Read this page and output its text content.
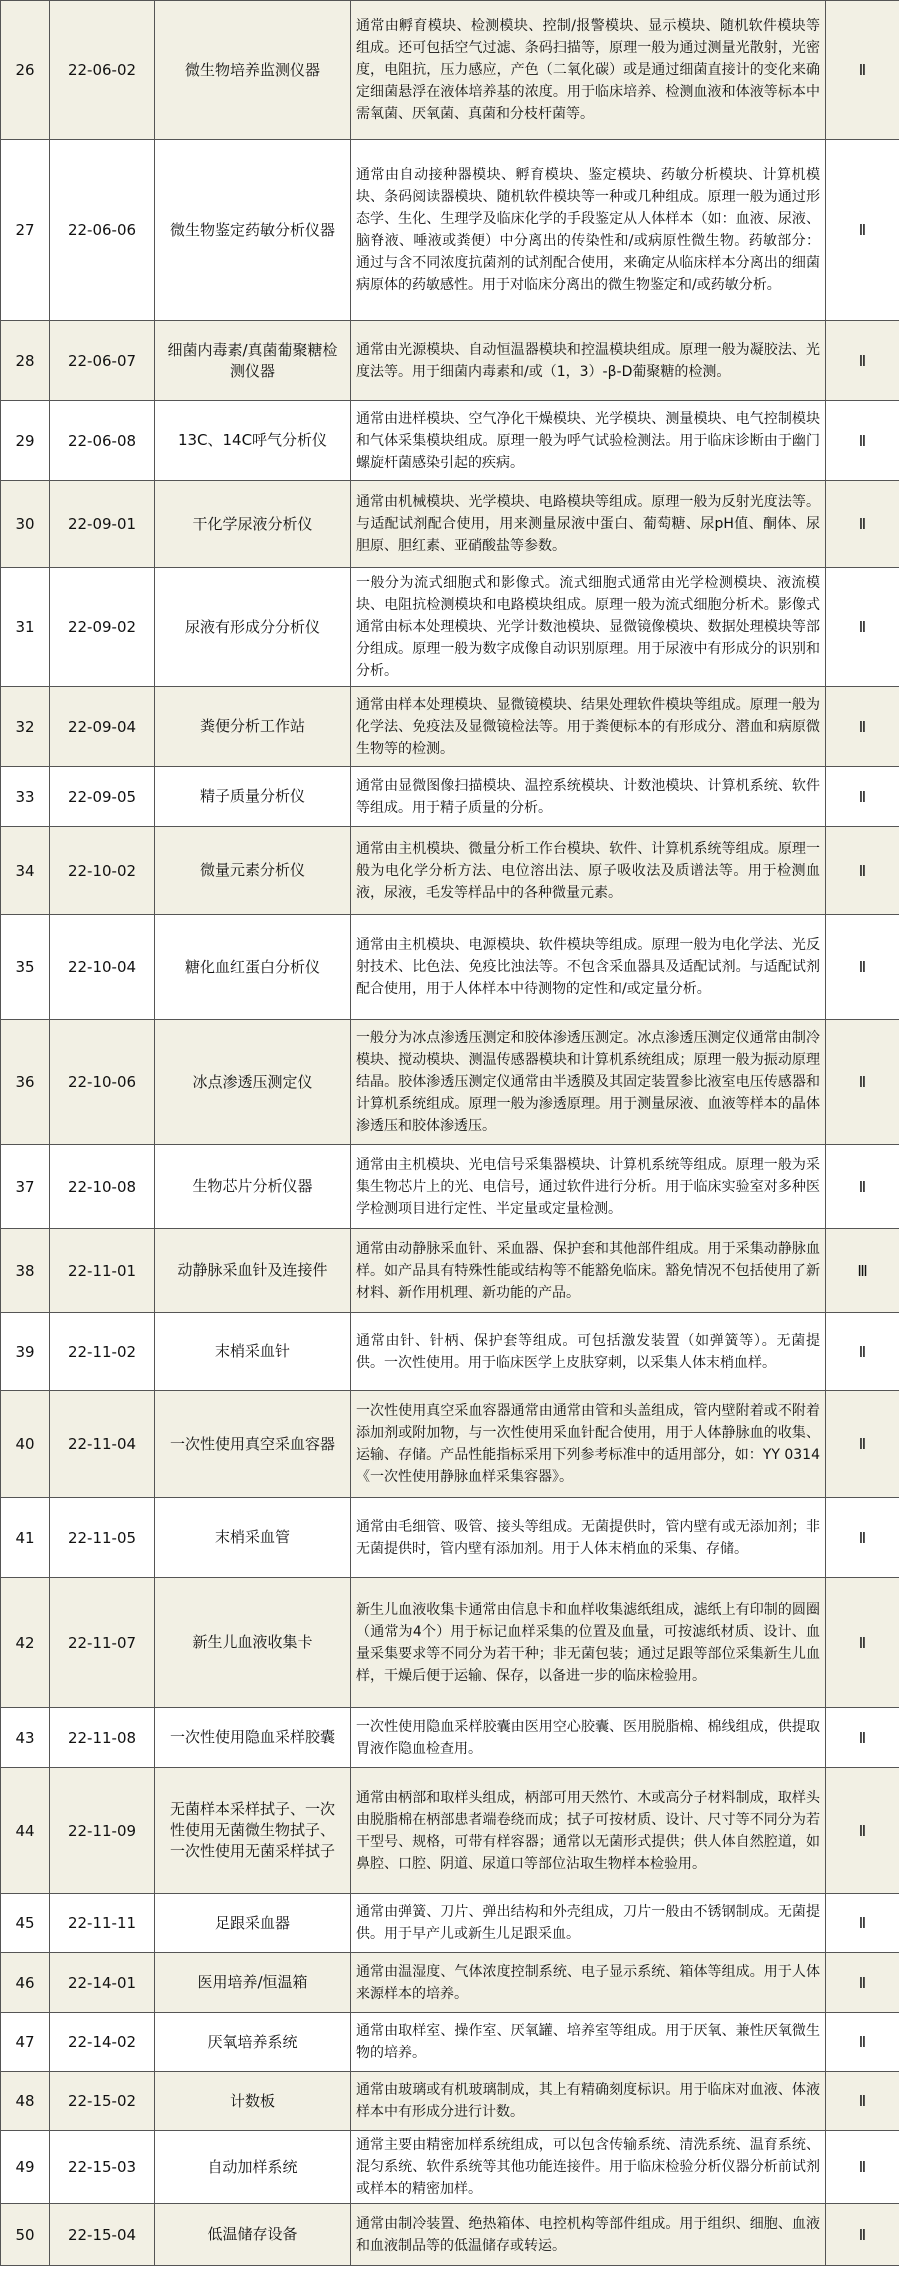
26	22-06-02	微生物培养监测仪器	通常由孵育模块、检测模块、控制/报警模块、显示模块、随机软件模块等组成。还可包括空气过滤、条码扫描等，原理一般为通过测量光散射，光密度，电阻抗，压力感应，产色（二氧化碳）或是通过细菌直接计的变化来确定细菌悬浮在液体培养基的浓度。用于临床培养、检测血液和体液等标本中需氧菌、厌氧菌、真菌和分枝杆菌等。	Ⅱ
27	22-06-06	微生物鉴定药敏分析仪器	通常由自动接种器模块、孵育模块、鉴定模块、药敏分析模块、计算机模块、条码阅读器模块、随机软件模块等一种或几种组成。原理一般为通过形态学、生化、生理学及临床化学的手段鉴定从人体样本（如：血液、尿液、脑脊液、唾液或粪便）中分离出的传染性和/或病原性微生物。药敏部分：通过与含不同浓度抗菌剂的试剂配合使用，来确定从临床样本分离出的细菌病原体的药敏感性。用于对临床分离出的微生物鉴定和/或药敏分析。	Ⅱ
28	22-06-07	细菌内毒素/真菌葡聚糖检测仪器	通常由光源模块、自动恒温器模块和控温模块组成。原理一般为凝胶法、光度法等。用于细菌内毒素和/或（1，3）-β-D葡聚糖的检测。	Ⅱ
29	22-06-08	13C、14C呼气分析仪	通常由进样模块、空气净化干燥模块、光学模块、测量模块、电气控制模块和气体采集模块组成。原理一般为呼气试验检测法。用于临床诊断由于幽门螺旋杆菌感染引起的疾病。	Ⅱ
30	22-09-01	干化学尿液分析仪	通常由机械模块、光学模块、电路模块等组成。原理一般为反射光度法等。与适配试剂配合使用，用来测量尿液中蛋白、葡萄糖、尿pH值、酮体、尿胆原、胆红素、亚硝酸盐等参数。	Ⅱ
31	22-09-02	尿液有形成分分析仪	一般分为流式细胞式和影像式。流式细胞式通常由光学检测模块、液流模块、电阻抗检测模块和电路模块组成。原理一般为流式细胞分析术。影像式通常由标本处理模块、光学计数池模块、显微镜像模块、数据处理模块等部分组成。原理一般为数字成像自动识别原理。用于尿液中有形成分的识别和分析。	Ⅱ
32	22-09-04	粪便分析工作站	通常由样本处理模块、显微镜模块、结果处理软件模块等组成。原理一般为化学法、免疫法及显微镜检法等。用于粪便标本的有形成分、潜血和病原微生物等的检测。	Ⅱ
33	22-09-05	精子质量分析仪	通常由显微图像扫描模块、温控系统模块、计数池模块、计算机系统、软件等组成。用于精子质量的分析。	Ⅱ
34	22-10-02	微量元素分析仪	通常由主机模块、微量分析工作台模块、软件、计算机系统等组成。原理一般为电化学分析方法、电位溶出法、原子吸收法及质谱法等。用于检测血液，尿液，毛发等样品中的各种微量元素。	Ⅱ
35	22-10-04	糖化血红蛋白分析仪	通常由主机模块、电源模块、软件模块等组成。原理一般为电化学法、光反射技术、比色法、免疫比浊法等。不包含采血器具及适配试剂。与适配试剂配合使用，用于人体样本中待测物的定性和/或定量分析。	Ⅱ
36	22-10-06	冰点渗透压测定仪	一般分为冰点渗透压测定和胶体渗透压测定。冰点渗透压测定仪通常由制冷模块、搅动模块、测温传感器模块和计算机系统组成；原理一般为振动原理结晶。胶体渗透压测定仪通常由半透膜及其固定装置参比液室电压传感器和计算机系统组成。原理一般为渗透原理。用于测量尿液、血液等样本的晶体渗透压和胶体渗透压。	Ⅱ
37	22-10-08	生物芯片分析仪器	通常由主机模块、光电信号采集器模块、计算机系统等组成。原理一般为采集生物芯片上的光、电信号，通过软件进行分析。用于临床实验室对多种医学检测项目进行定性、半定量或定量检测。	Ⅱ
38	22-11-01	动静脉采血针及连接件	通常由动静脉采血针、采血器、保护套和其他部件组成。用于采集动静脉血样。如产品具有特殊性能或结构等不能豁免临床。豁免情况不包括使用了新材料、新作用机理、新功能的产品。	Ⅲ
39	22-11-02	末梢采血针	通常由针、针柄、保护套等组成。可包括激发装置（如弹簧等）。无菌提供。一次性使用。用于临床医学上皮肤穿刺，以采集人体末梢血样。	Ⅱ
40	22-11-04	一次性使用真空采血容器	一次性使用真空采血容器通常由通常由管和头盖组成，管内壁附着或不附着添加剂或附加物，与一次性使用采血针配合使用，用于人体静脉血的收集、运输、存储。产品性能指标采用下列参考标准中的适用部分，如：YY 0314《一次性使用静脉血样采集容器》。	Ⅱ
41	22-11-05	末梢采血管	通常由毛细管、吸管、接头等组成。无菌提供时，管内壁有或无添加剂；非无菌提供时，管内壁有添加剂。用于人体末梢血的采集、存储。	Ⅱ
42	22-11-07	新生儿血液收集卡	新生儿血液收集卡通常由信息卡和血样收集滤纸组成，滤纸上有印制的圆圈（通常为4个）用于标记血样采集的位置及血量，可按滤纸材质、设计、血量采集要求等不同分为若干种；非无菌包装；通过足跟等部位采集新生儿血样，干燥后便于运输、保存，以备进一步的临床检验用。	Ⅱ
43	22-11-08	一次性使用隐血采样胶囊	一次性使用隐血采样胶囊由医用空心胶囊、医用脱脂棉、棉线组成，供提取胃液作隐血检查用。	Ⅱ
44	22-11-09	无菌样本采样拭子、一次性使用无菌微生物拭子、一次性使用无菌采样拭子	通常由柄部和取样头组成，柄部可用天然竹、木或高分子材料制成，取样头由脱脂棉在柄部患者端卷绕而成；拭子可按材质、设计、尺寸等不同分为若干型号、规格，可带有样容器；通常以无菌形式提供；供人体自然腔道，如鼻腔、口腔、阴道、尿道口等部位沾取生物样本检验用。	Ⅱ
45	22-11-11	足跟采血器	通常由弹簧、刀片、弹出结构和外壳组成，刀片一般由不锈钢制成。无菌提供。用于早产儿或新生儿足跟采血。	Ⅱ
46	22-14-01	医用培养/恒温箱	通常由温湿度、气体浓度控制系统、电子显示系统、箱体等组成。用于人体来源样本的培养。	Ⅱ
47	22-14-02	厌氧培养系统	通常由取样室、操作室、厌氧罐、培养室等组成。用于厌氧、兼性厌氧微生物的培养。	Ⅱ
48	22-15-02	计数板	通常由玻璃或有机玻璃制成，其上有精确刻度标识。用于临床对血液、体液样本中有形成分进行计数。	Ⅱ
49	22-15-03	自动加样系统	通常主要由精密加样系统组成，可以包含传输系统、清洗系统、温育系统、混匀系统、软件系统等其他功能连接件。用于临床检验分析仪器分析前试剂或样本的精密加样。	Ⅱ
50	22-15-04	低温储存设备	通常由制冷装置、绝热箱体、电控机构等部件组成。用于组织、细胞、血液和血液制品等的低温储存或转运。	Ⅱ
